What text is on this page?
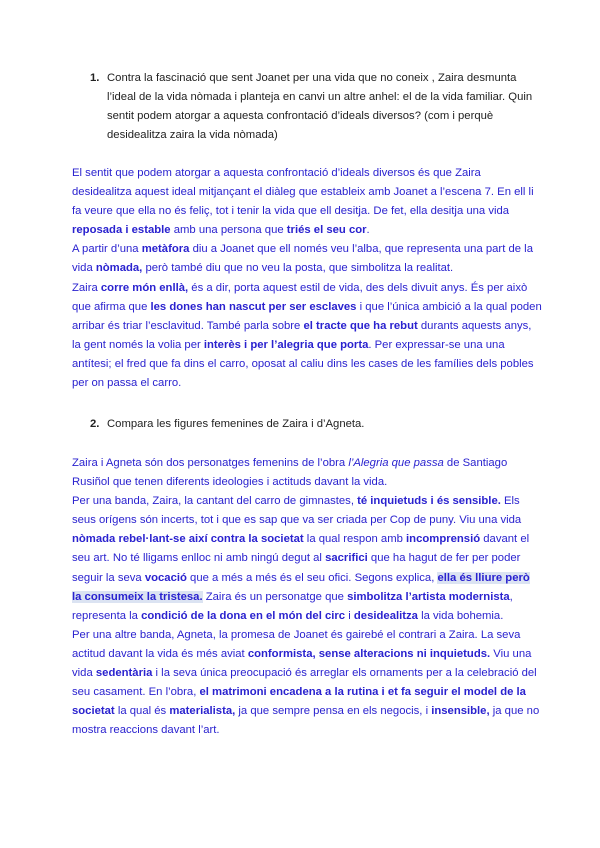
1. Contra la fascinació que sent Joanet per una vida que no coneix , Zaira desmunta l’ideal de la vida nòmada i planteja en canvi un altre anhel: el de la vida familiar. Quin sentit podem atorgar a aquesta confrontació d’ideals diversos? (com i perquè desidealitza zaira la vida nòmada)

El sentit que podem atorgar a aquesta confrontació d’ideals diversos és que Zaira desidealitza aquest ideal mitjançant el diàleg que estableix amb Joanet a l’escena 7. En ell li fa veure que ella no és feliç, tot i tenir la vida que ell desitja. De fet, ella desitja una vida reposada i estable amb una persona que triés el seu cor.

A partir d’una metàfora diu a Joanet que ell només veu l’alba, que representa una part de la vida nòmada, però també diu que no veu la posta, que simbolitza la realitat.

Zaira corre món enllà, és a dir, porta aquest estil de vida, des dels divuit anys. És per això que afirma que les dones han nascut per ser esclaves i que l’única ambició a la qual poden arribar és triar l’esclavitud. També parla sobre el tracte que ha rebut durants aquests anys, la gent només la volia per interès i per l’alegria que porta. Per expressar-se una una antítesi; el fred que fa dins el carro, oposat al caliu dins les cases de les famílies dels pobles per on passa el carro.

2. Compara les figures femenines de Zaira i d’Agneta.

Zaira i Agneta són dos personatges femenins de l’obra l’Alegria que passa de Santiago Rusiñol que tenen diferents ideologies i actituds davant la vida.

Per una banda, Zaira, la cantant del carro de gimnastes, té inquietuds i és sensible. Els seus orígens són incerts, tot i que es sap que va ser criada per Cop de puny. Viu una vida nòmada rebel·lant-se així contra la societat la qual respon amb incomprensió davant el seu art. No té lligams enlloc ni amb ningú degut al sacrifici que ha hagut de fer per poder seguir la seva vocació que a més a més és el seu ofici. Segons explica, ella és lliure però la consumeix la tristesa. Zaira és un personatge que simbolitza l’artista modernista, representa la condició de la dona en el món del circ i desidealitza la vida bohemia.

Per una altre banda, Agneta, la promesa de Joanet és gairebé el contrari a Zaira. La seva actitud davant la vida és més aviat conformista, sense alteracions ni inquietuds. Viu una vida sedentària i la seva única preocupació és arreglar els ornaments per a la celebració del seu casament. En l’obra, el matrimoni encadena a la rutina i et fa seguir el model de la societat la qual és materialista, ja que sempre pensa en els negocis, i insensible, ja que no mostra reaccions davant l’art.
